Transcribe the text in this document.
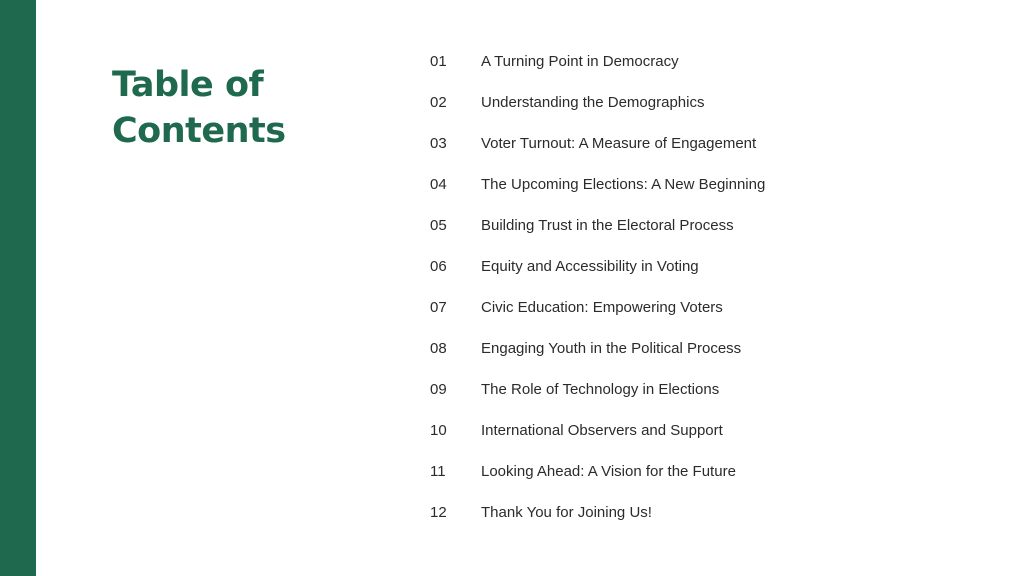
Table of
Contents
01	A Turning Point in Democracy
02	Understanding the Demographics
03	Voter Turnout: A Measure of Engagement
04	The Upcoming Elections: A New Beginning
05	Building Trust in the Electoral Process
06	Equity and Accessibility in Voting
07	Civic Education: Empowering Voters
08	Engaging Youth in the Political Process
09	The Role of Technology in Elections
10	International Observers and Support
11	Looking Ahead: A Vision for the Future
12	Thank You for Joining Us!
